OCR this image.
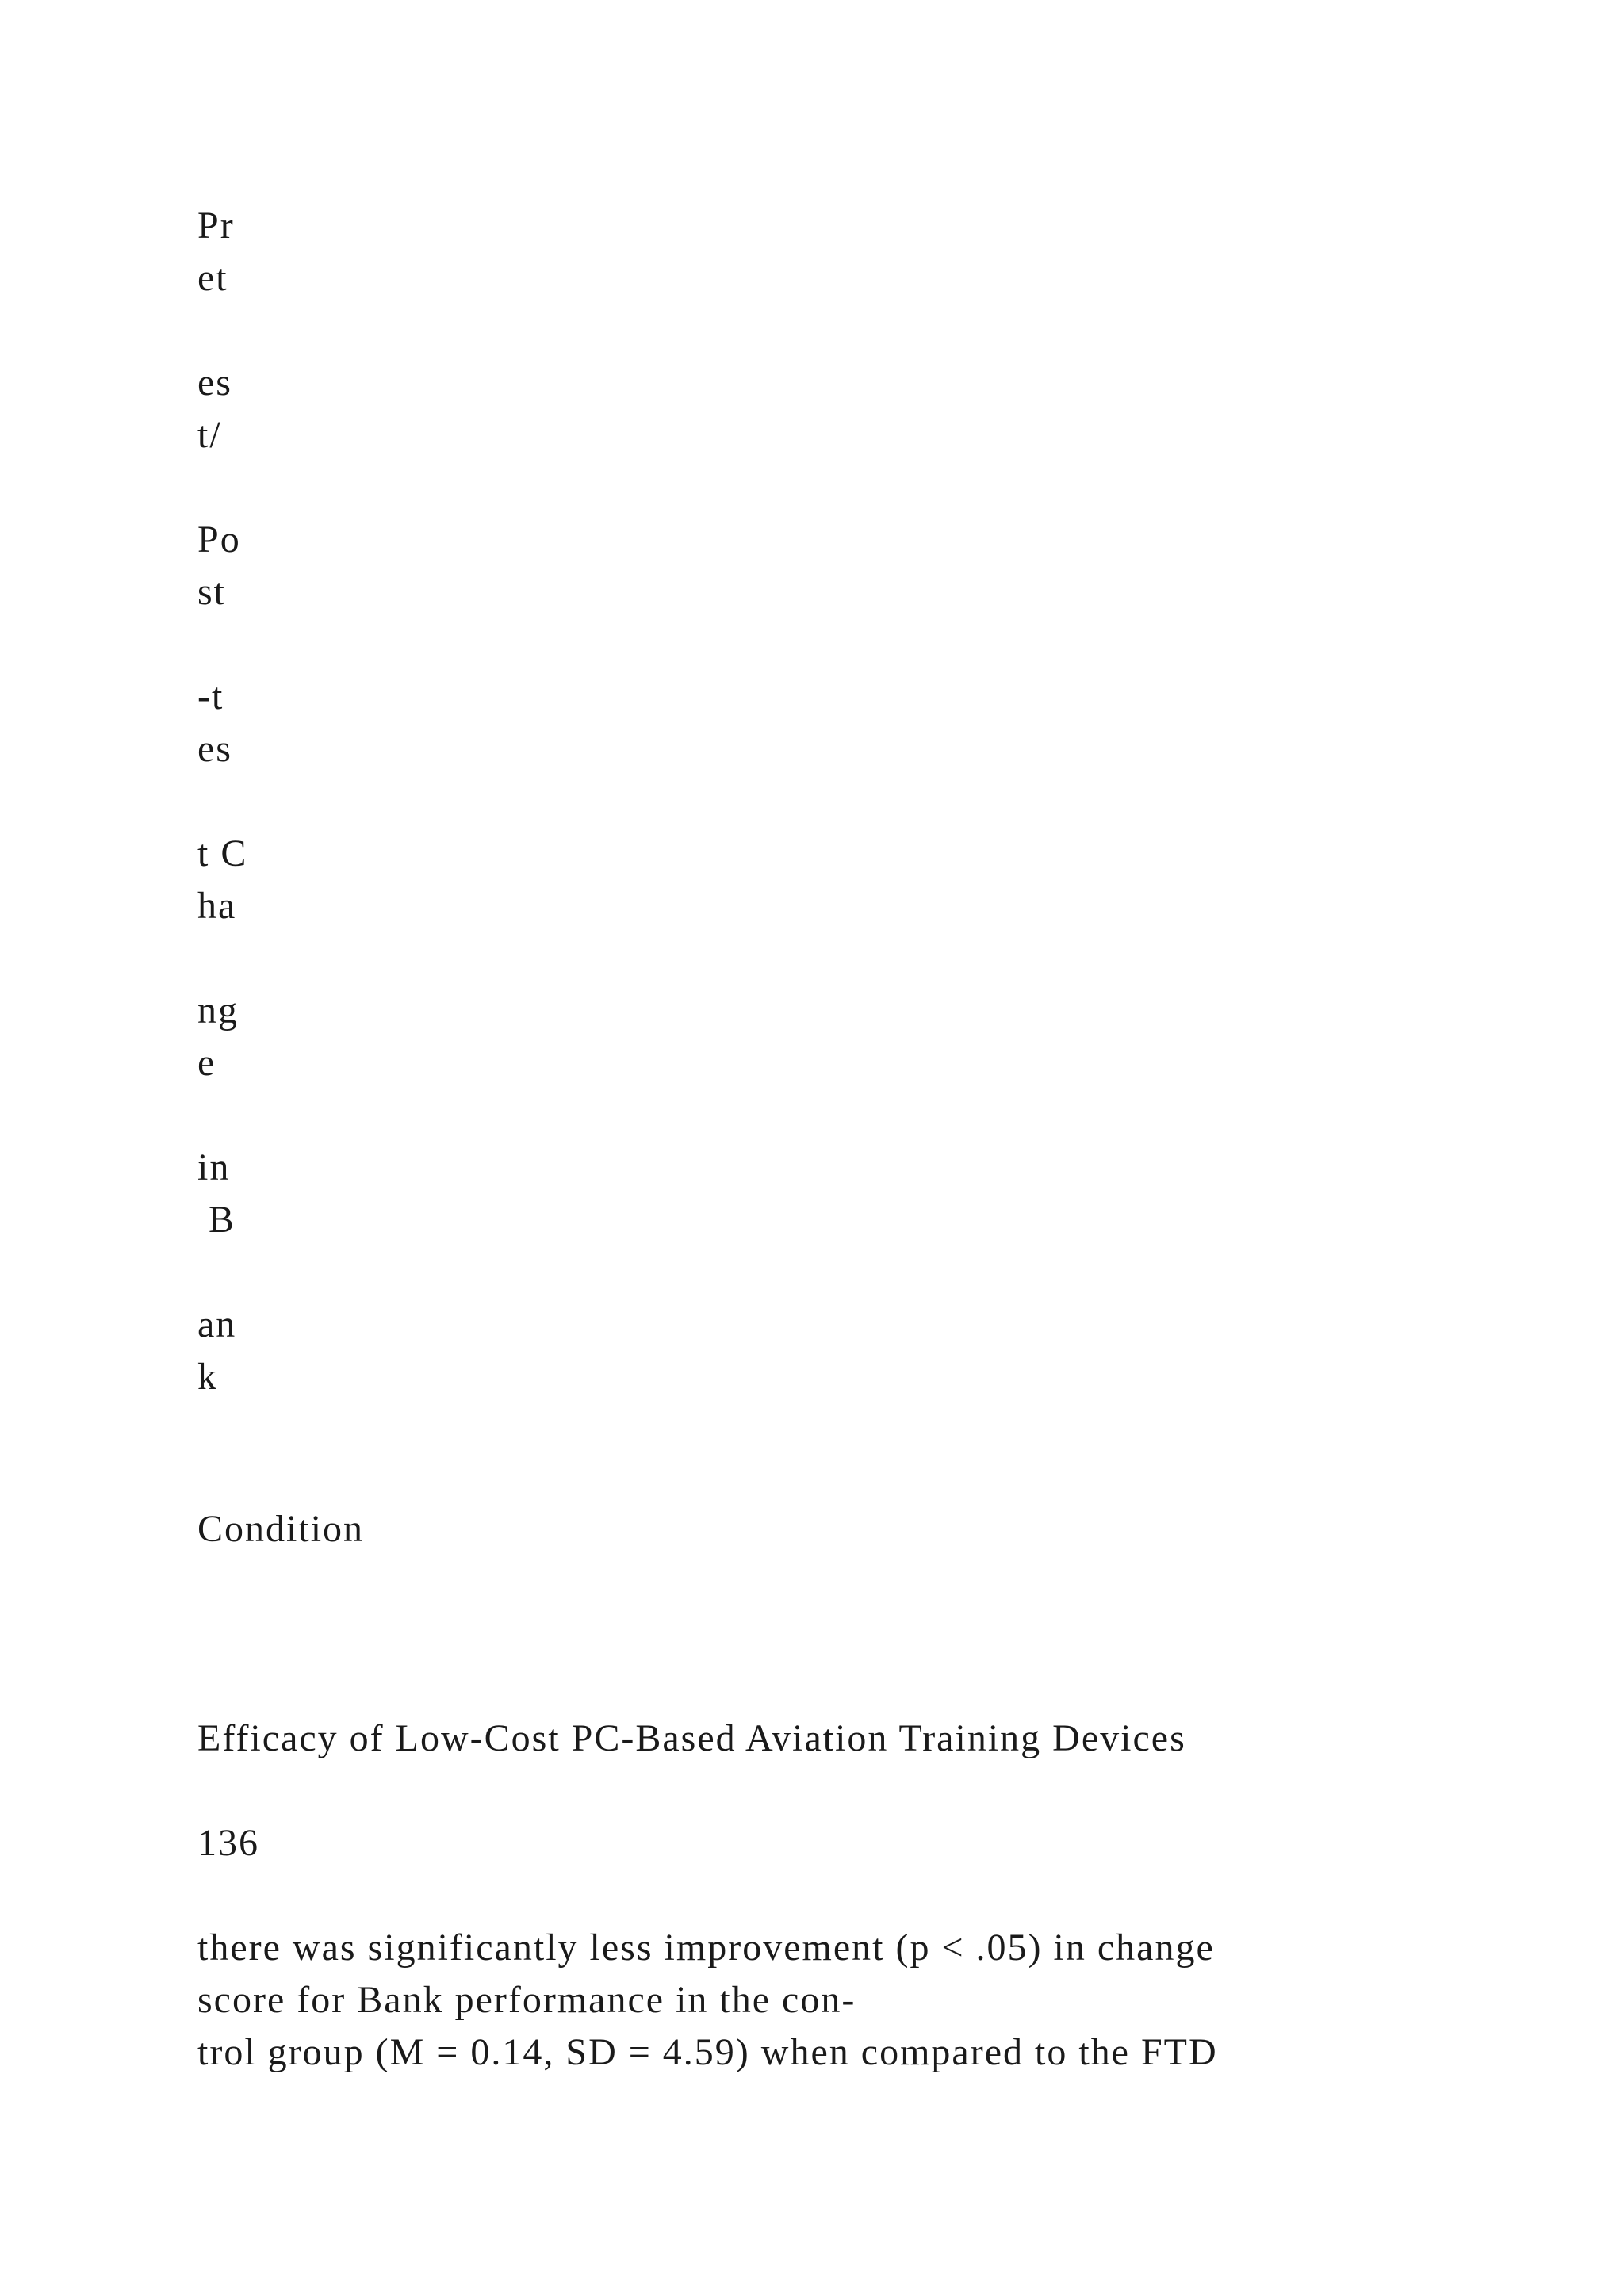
Pr
et
es
t/
Po
st
-t
es
t C
ha
ng
e
in
B
an
k
Condition
Efficacy of Low-Cost PC-Based Aviation Training Devices
136
there was significantly less improvement (p < .05) in change
score for Bank performance in the con-
trol group (M = 0.14, SD = 4.59) when compared to the FTD
